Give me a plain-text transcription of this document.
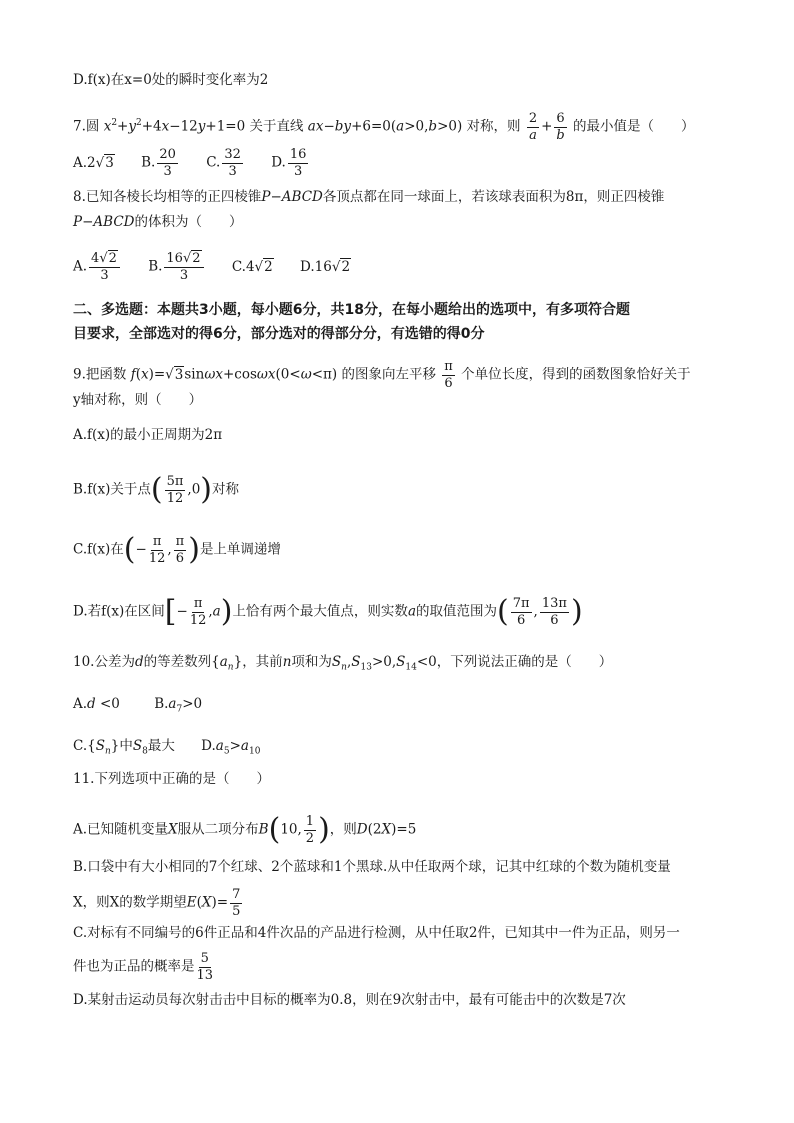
D.f(x)在x=0处的瞬时变化率为2
7.圆 $x^2+y^2+4x-12y+1=0$ 关于直线 ax−by+6=0(a>0,b>0) 对称，则 $\frac{2}{a} + \frac{6}{b}$ 的最小值是（　　）
A.2√3 B. $\frac{20}{3} C$. $\frac{32}{3} D$. $\frac{16}{3}$
8.已知各棱长均相等的正四棱锥P−ABCD各顶点都在同一球面上，若该球表面积为8π，则正四棱锥
P−ABCD的体积为（　　）
A. $\frac{4√2}{3} B$. $\frac{16√2}{3} C.4√2$ D.16√2
二、多选题：本题共3小题，每小题6分，共18分，在每小题给出的选项中，有多项符合题
目要求，全部选对的得6分，部分选对的得部分分，有选错的得0分
9.把函数 f(x)=√3sinωx+cosωx(0<ω<π) 的图象向左平移 $\frac{\pi}{6}$ 个单位长度，得到的函数图象恰好关于
y轴对称，则（　　）
A.f(x)的最小正周期为2π
B.f(x)关于点( $\frac{5\pi}{12} ,0$)对称
C.f(x)在(− $\frac{\pi}{12}$ , $\frac{\pi}{6}$ )是上单调递增
D.若f(x)在区间[− $\frac{\pi}{12} ,a$)上恰有两个最大值点，则实数a的取值范围为( $\frac{7\pi}{6}$ , $\frac{13\pi}{6}$ )
10.公差为d的等差数列$\{a_n\}$，其前n项和为$S_n,S_{13}>0,S_{14}<0$，下列说法正确的是（　　）
A.d <0	$B.a_7>0$
$C.\{S_n\}$中$S_8$最大 $D.a_5>a_{10}$
11.下列选项中正确的是（　　）
A.已知随机变量X服从二项分布B(10, $\frac{1}{2}$ )，则D(2X)=5
B.口袋中有大小相同的7个红球、2个蓝球和1个黑球.从中任取两个球，记其中红球的个数为随机变量
X，则X的数学期望$E(X)= \frac{7}{5}$
C.对标有不同编号的6件正品和4件次品的产品进行检测，从中任取2件，已知其中一件为正品，则另一
件也为正品的概率是 $\frac{5}{13}$
D.某射击运动员每次射击击中目标的概率为0.8，则在9次射击中，最有可能击中的次数是7次
